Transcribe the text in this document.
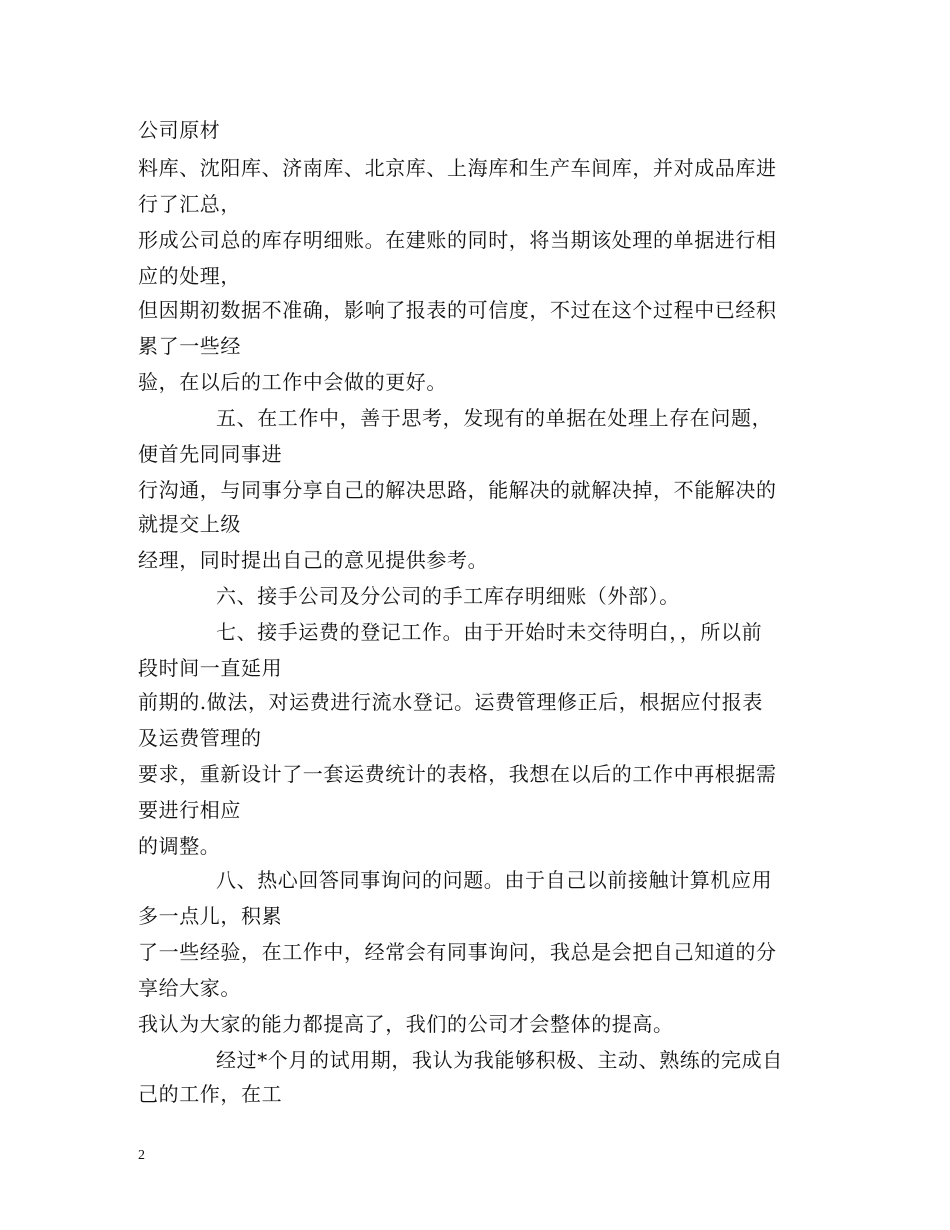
公司原材
料库、沈阳库、济南库、北京库、上海库和生产车间库，并对成品库进
行了汇总，
形成公司总的库存明细账。在建账的同时，将当期该处理的单据进行相
应的处理，
但因期初数据不准确，影响了报表的可信度，不过在这个过程中已经积
累了一些经
验，在以后的工作中会做的更好。
五、在工作中，善于思考，发现有的单据在处理上存在问题，
便首先同同事进
行沟通，与同事分享自己的解决思路，能解决的就解决掉，不能解决的
就提交上级
经理，同时提出自己的意见提供参考。
六、接手公司及分公司的手工库存明细账（外部）。
七、接手运费的登记工作。由于开始时未交待明白，，所以前
段时间一直延用
前期的.做法，对运费进行流水登记。运费管理修正后，根据应付报表
及运费管理的
要求，重新设计了一套运费统计的表格，我想在以后的工作中再根据需
要进行相应
的调整。
八、热心回答同事询问的问题。由于自己以前接触计算机应用
多一点儿，积累
了一些经验，在工作中，经常会有同事询问，我总是会把自己知道的分
享给大家。
我认为大家的能力都提高了，我们的公司才会整体的提高。
经过*个月的试用期，我认为我能够积极、主动、熟练的完成自
己的工作，在工
2
